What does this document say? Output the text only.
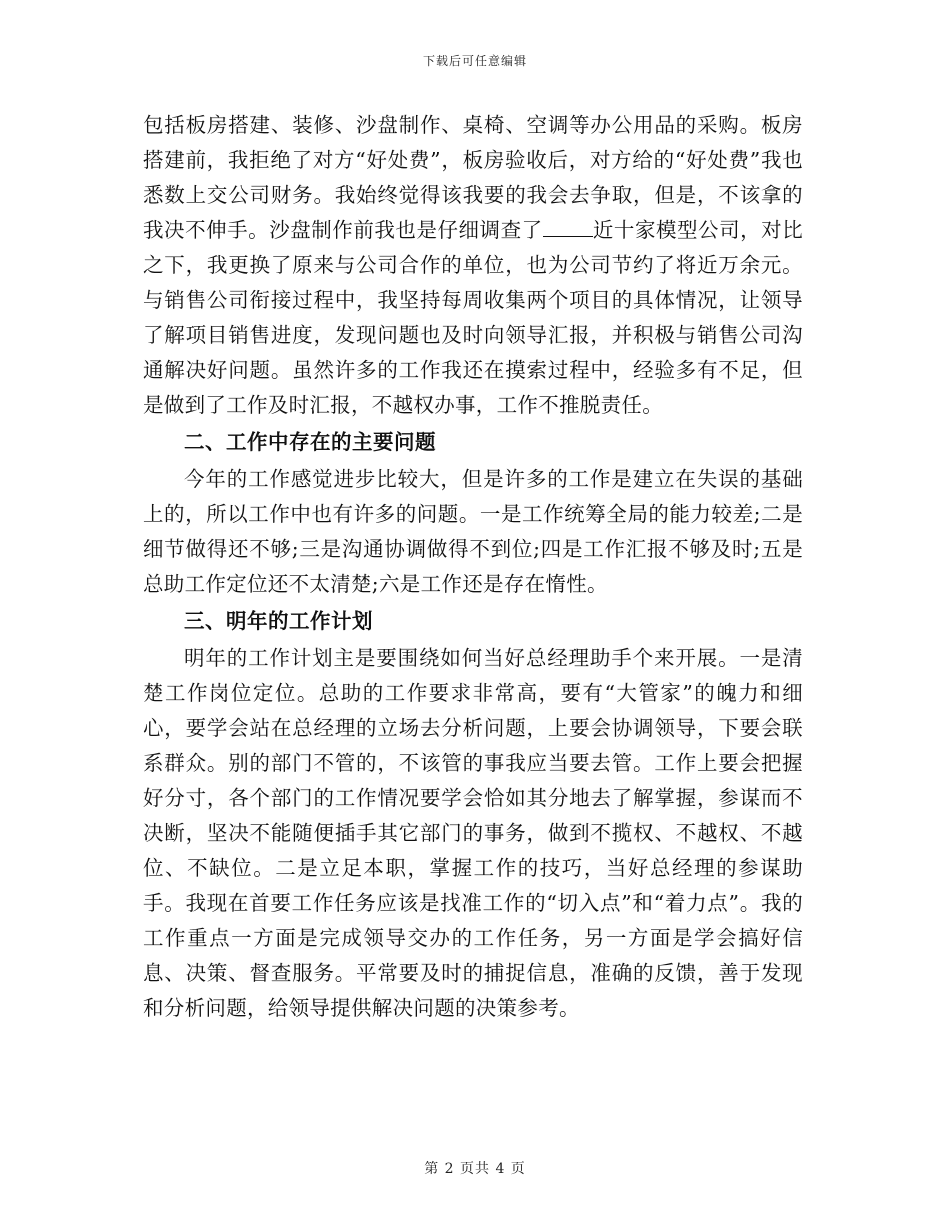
下载后可任意编辑

包括板房搭建、装修、沙盘制作、桌椅、空调等办公用品的采购。板房搭建前，我拒绝了对方“好处费”，板房验收后，对方给的“好处费”我也悉数上交公司财务。我始终觉得该我要的我会去争取，但是，不该拿的我决不伸手。沙盘制作前我也是仔细调查了 近十家模型公司，对比之下，我更换了原来与公司合作的单位，也为公司节约了将近万余元。与销售公司衔接过程中，我坚持每周收集两个项目的具体情况，让领导了解项目销售进度，发现问题也及时向领导汇报，并积极与销售公司沟通解决好问题。虽然许多的工作我还在摸索过程中，经验多有不足，但是做到了工作及时汇报，不越权办事，工作不推脱责任。

二、工作中存在的主要问题

今年的工作感觉进步比较大，但是许多的工作是建立在失误的基础上的，所以工作中也有许多的问题。一是工作统筹全局的能力较差;二是细节做得还不够;三是沟通协调做得不到位;四是工作汇报不够及时;五是总助工作定位还不太清楚;六是工作还是存在惰性。

三、明年的工作计划

明年的工作计划主是要围绕如何当好总经理助手个来开展。一是清楚工作岗位定位。总助的工作要求非常高，要有“大管家”的魄力和细心，要学会站在总经理的立场去分析问题，上要会协调领导，下要会联系群众。别的部门不管的，不该管的事我应当要去管。工作上要会把握好分寸，各个部门的工作情况要学会恰如其分地去了解掌握，参谋而不决断，坚决不能随便插手其它部门的事务，做到不揽权、不越权、不越位、不缺位。二是立足本职，掌握工作的技巧，当好总经理的参谋助手。我现在首要工作任务应该是找准工作的“切入点”和“着力点”。我的工作重点一方面是完成领导交办的工作任务，另一方面是学会搞好信息、决策、督查服务。平常要及时的捕捉信息，准确的反馈，善于发现和分析问题，给领导提供解决问题的决策参考。

第 2 页共 4 页
